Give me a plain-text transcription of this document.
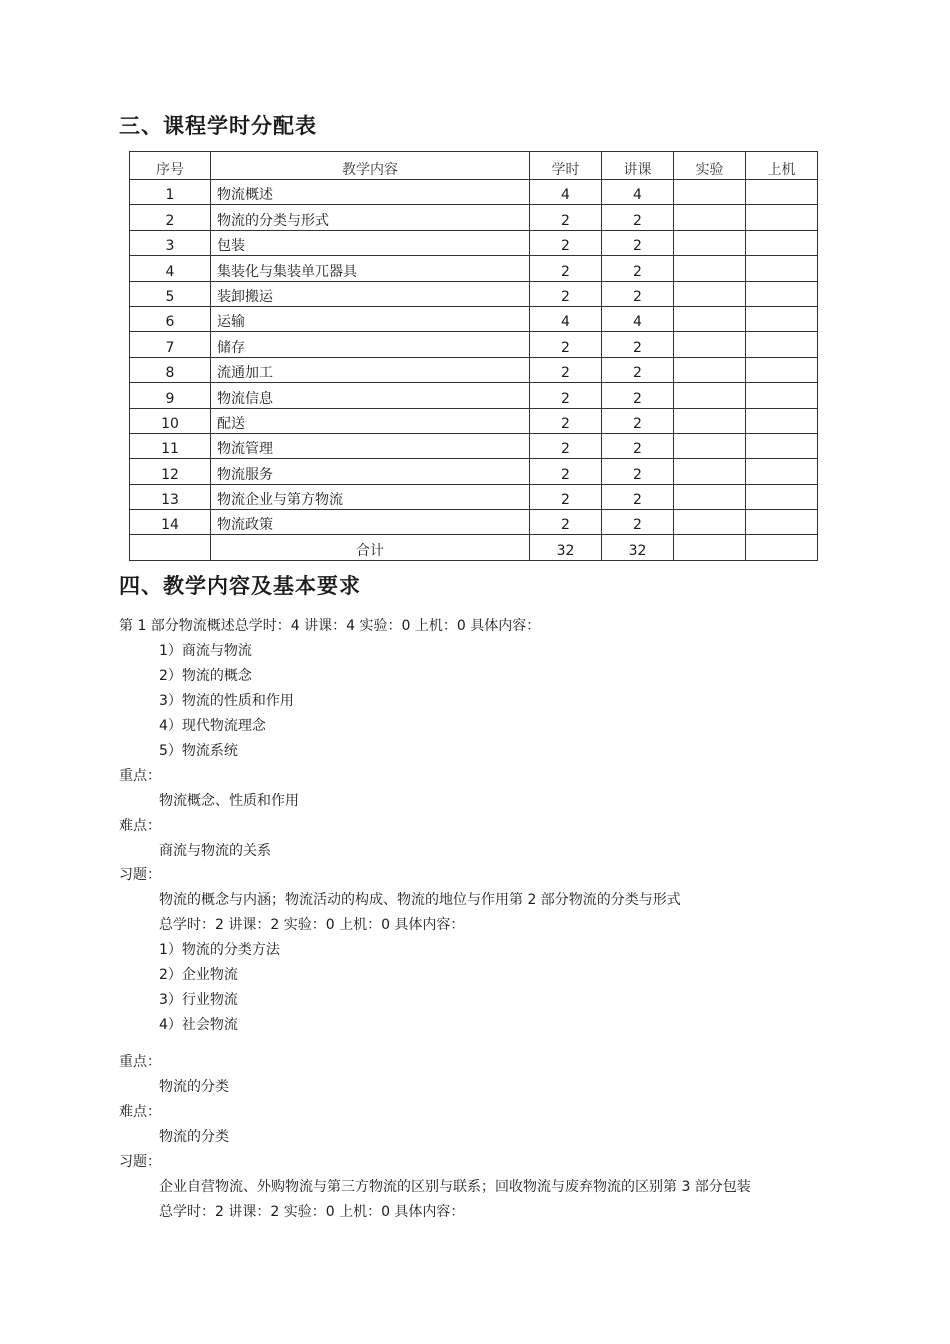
三、课程学时分配表
序号	教学内容	学时	讲课	实验	上机
1	物流概述	4	4		
2	物流的分类与形式	2	2		
3	包装	2	2		
4	集装化与集装单兀器具	2	2		
5	装卸搬运	2	2		
6	运输	4	4		
7	储存	2	2		
8	流通加工	2	2		
9	物流信息	2	2		
10	配送	2	2		
11	物流管理	2	2		
12	物流服务	2	2		
13	物流企业与第方物流	2	2		
14	物流政策	2	2		
	合计	32	32		
四、教学内容及基本要求
第 1 部分物流概述总学时：4 讲课：4 实验：0 上机：0 具体内容：
1）商流与物流
2）物流的概念
3）物流的性质和作用
4）现代物流理念
5）物流系统
重点：
物流概念、性质和作用
难点：
商流与物流的关系
习题：
物流的概念与内涵；物流活动的构成、物流的地位与作用第 2 部分物流的分类与形式
总学时：2 讲课：2 实验：0 上机：0 具体内容：
1）物流的分类方法
2）企业物流
3）行业物流
4）社会物流
重点：
物流的分类
难点：
物流的分类
习题：
企业自营物流、外购物流与第三方物流的区别与联系；回收物流与废弃物流的区别第 3 部分包装
总学时：2 讲课：2 实验：0 上机：0 具体内容：
